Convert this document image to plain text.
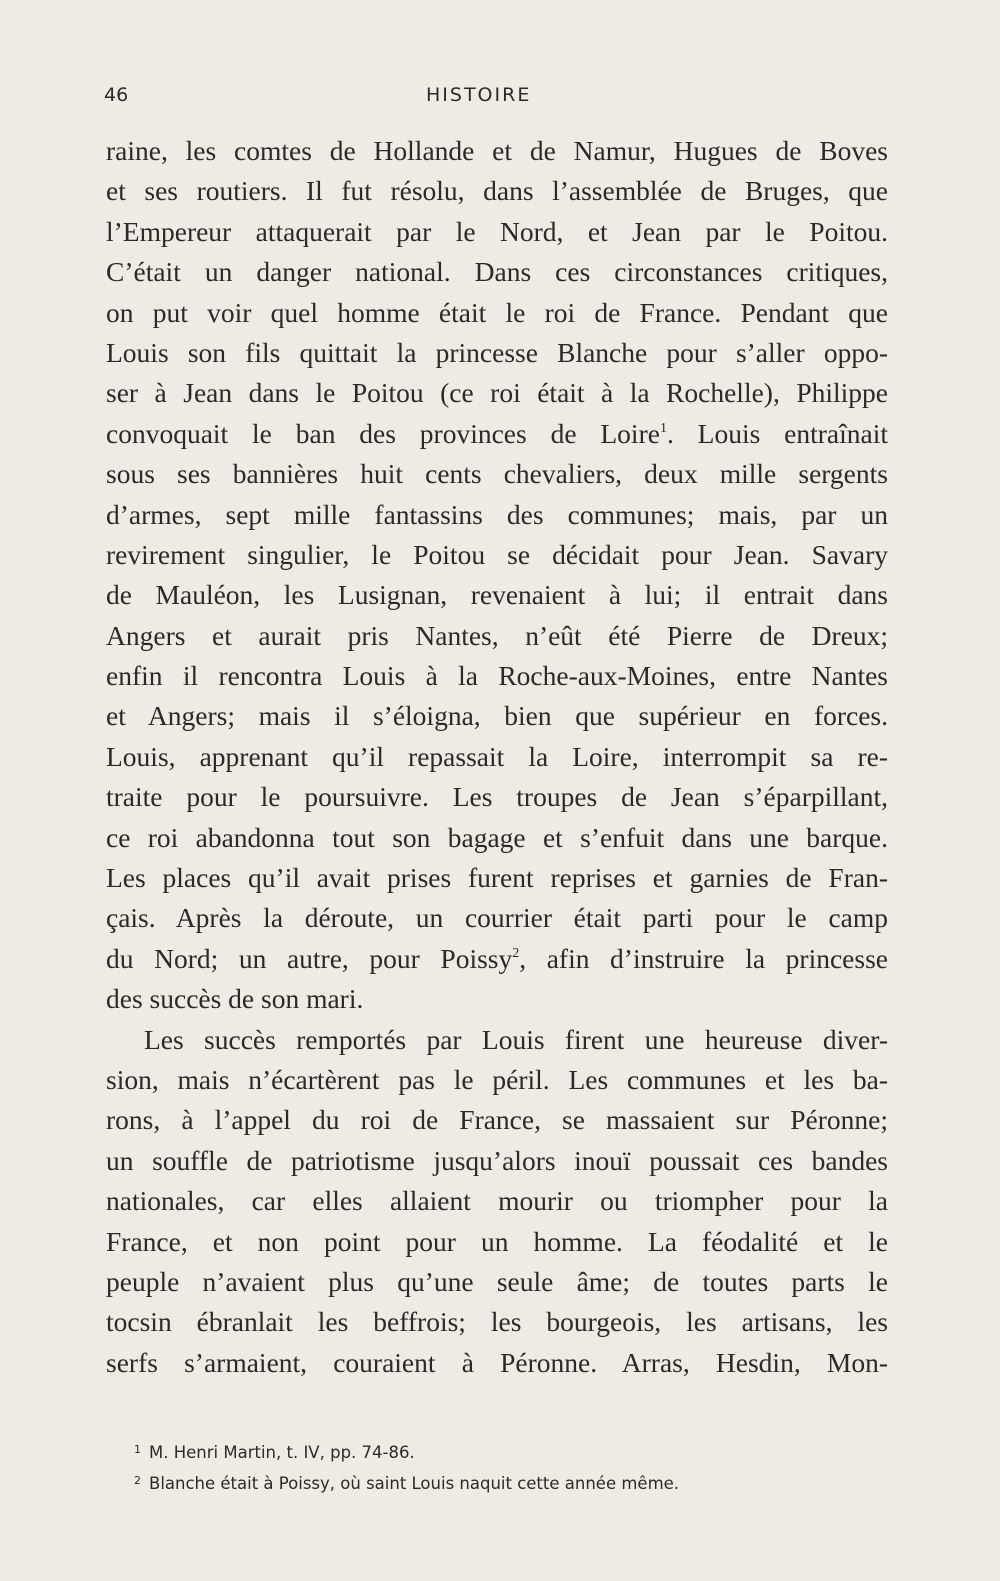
46	HISTOIRE
raine, les comtes de Hollande et de Namur, Hugues de Boves
et ses routiers. Il fut résolu, dans l’assemblée de Bruges, que
l’Empereur attaquerait par le Nord, et Jean par le Poitou.
C’était un danger national. Dans ces circonstances critiques,
on put voir quel homme était le roi de France. Pendant que
Louis son fils quittait la princesse Blanche pour s’aller oppo-
ser à Jean dans le Poitou (ce roi était à la Rochelle), Philippe
convoquait le ban des provinces de Loire$^1$. Louis entraînait
sous ses bannières huit cents chevaliers, deux mille sergents
d’armes, sept mille fantassins des communes; mais, par un
revirement singulier, le Poitou se décidait pour Jean. Savary
de Mauléon, les Lusignan, revenaient à lui; il entrait dans
Angers et aurait pris Nantes, n’eût été Pierre de Dreux;
enfin il rencontra Louis à la Roche-aux-Moines, entre Nantes
et Angers; mais il s’éloigna, bien que supérieur en forces.
Louis, apprenant qu’il repassait la Loire, interrompit sa re-
traite pour le poursuivre. Les troupes de Jean s’éparpillant,
ce roi abandonna tout son bagage et s’enfuit dans une barque.
Les places qu’il avait prises furent reprises et garnies de Fran-
çais. Après la déroute, un courrier était parti pour le camp
du Nord; un autre, pour Poissy$^2$, afin d’instruire la princesse
des succès de son mari.
Les succès remportés par Louis firent une heureuse diver-
sion, mais n’écartèrent pas le péril. Les communes et les ba-
rons, à l’appel du roi de France, se massaient sur Péronne;
un souffle de patriotisme jusqu’alors inouï poussait ces bandes
nationales, car elles allaient mourir ou triompher pour la
France, et non point pour un homme. La féodalité et le
peuple n’avaient plus qu’une seule âme; de toutes parts le
tocsin ébranlait les beffrois; les bourgeois, les artisans, les
serfs s’armaient, couraient à Péronne. Arras, Hesdin, Mon-
$^1$ M. Henri Martin, t. IV, pp. 74-86.
$^2$ Blanche était à Poissy, où saint Louis naquit cette année même.
